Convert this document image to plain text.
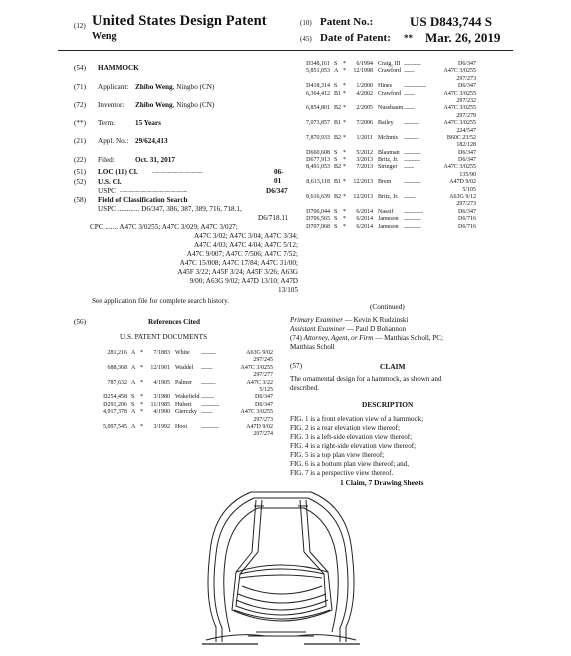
(12) United States Design Patent
Weng
(10) Patent No.:	US D843,744 S
(45) Date of Patent: ** Mar. 26, 2019
(54) HAMMOCK
(71) Applicant: Zhibo Weng, Ningbo (CN)
(72) Inventor: Zhibo Weng, Ningbo (CN)
(**) Term:	15 Years
(21) Appl. No.: 29/624,413
(22) Filed:	Oct. 31, 2017
(51) LOC (11) Cl. ..........................................	06-01
(52) U.S. Cl.
USPC ........................................................	D6/347
(58) Field of Classification Search
USPC ............ D6/347, 386, 387, 389, 716, 718.1,
D6/718.11
CPC ....... A47C 3/0255; A47C 3/029; A47C 3/027;
A47C 3/02; A47C 3/04; A47C 3/34;
A47C 4/03; A47C 4/04; A47C 5/12;
A47C 9/007; A47C 7/506; A47C 7/52;
A47C 15/008; A47C 17/84; A47C 31/00;
A45F 3/22; A45F 3/24; A45F 3/26; A63G
9/00; A63G 9/02; A47D 13/10; A47D
13/105
See application file for complete search history.
(56)	References Cited
U.S. PATENT DOCUMENTS
281,216 A *	7/1883 White ...................	A63G 9/02
297/245
688,368 A *	12/1901 Waddel ...............	A47C 3/0255
297/277
787,632 A *	4/1905 Palmer ...................	A47C 3/22
5/125
D254,458 S *	3/1980 Wakefield .................	D6/347
D291,206 S *	11/1985 Hubert ........................	D6/347
4,917,378 A *	4/1990 Gierczky ...............	A47C 3/0255
297/273
5,097,545 A *	3/1992 Hooi	.......................	A47D 9/02
297/274
D348,161 S *	6/1994 Craig, III ......................	D6/347
5,851,053 A *	12/1998 Crawford ..............	A47C 3/0255
297/273
D418,314 S *	1/2000 Hines .............................	D6/347
6,364,412 B1 *	4/2002 Crawford ..............	A47C 3/0255
297/232
6,854,801 B2 *	2/2005 Nussbaum ..............	A47C 3/0255
297/279
7,073,857 B1 *	7/2006 Bailey ...................	A47C 3/0255
224/547
7,870,933 B2 *	1/2011 McInnis ...................	B60C 23/52
182/128
D660,608 S *	5/2012 Blauman ......................	D6/347
D677,913 S *	3/2013 Britz, Jr. .....................	D6/347
8,491,053 B2 *	7/2013 Stringer .............	A47C 3/0255
135/90
8,613,118 B1 *	12/2013 Brem	......................	A47D 9/02
5/105
8,616,639 B2 *	12/2013 Britz, Jr. ...............	A63G 9/12
297/273
D706,044 S *	6/2014 Nassif .........................	D6/347
D706,565 S *	6/2014 Jameson ......................	D6/716
D707,068 S *	6/2014 Jameson ......................	D6/716
(Continued)
Primary Examiner — Kevin K Rudzinski
Assistant Examiner — Paul D Bohannon
(74) Attorney, Agent, or Firm — Matthias Scholl, PC;
Matthias Scholl
(57)	CLAIM
The ornamental design for a hammock, as shown and
described.
DESCRIPTION
FIG. 1 is a front elevation view of a hammock;
FIG. 2 is a rear elevation view thereof;
FIG. 3 is a left-side elevation view thereof;
FIG. 4 is a right-side elevation view thereof;
FIG. 5 is a top plan view thereof;
FIG. 6 is a bottom plan view thereof; and,
FIG. 7 is a perspective view thereof.
1 Claim, 7 Drawing Sheets
